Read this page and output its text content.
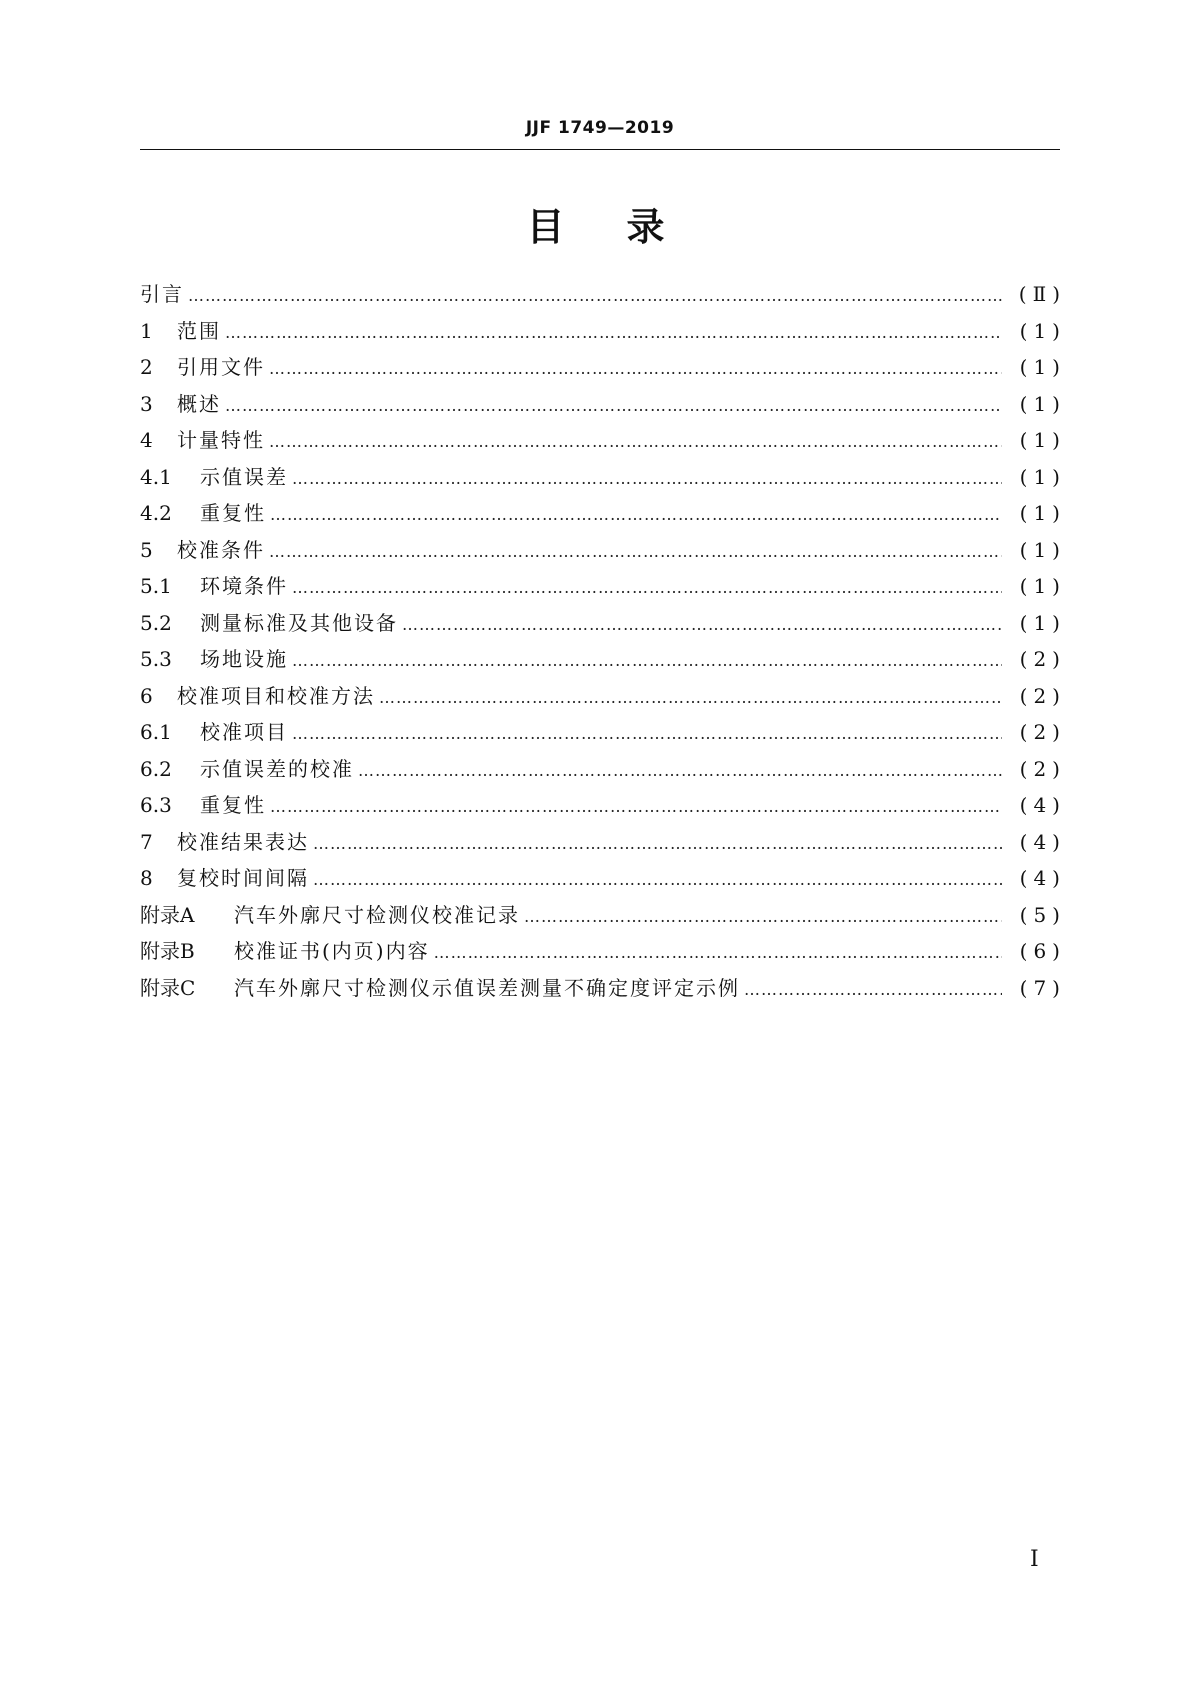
JJF 1749—2019
目录
引言 ………………………………………………………………………………………………………………………………………………………………………………………………	(Ⅱ)
1	范围 ………………………………………………………………………………………………………………………………………………………………………………………………	(1)
2	引用文件 ………………………………………………………………………………………………………………………………………………………………………………………………	(1)
3	概述 ………………………………………………………………………………………………………………………………………………………………………………………………	(1)
4	计量特性 ………………………………………………………………………………………………………………………………………………………………………………………………	(1)
4.1	示值误差 ………………………………………………………………………………………………………………………………………………………………………………………………	(1)
4.2	重复性 ………………………………………………………………………………………………………………………………………………………………………………………………	(1)
5	校准条件 ………………………………………………………………………………………………………………………………………………………………………………………………	(1)
5.1	环境条件 ………………………………………………………………………………………………………………………………………………………………………………………………	(1)
5.2	测量标准及其他设备 ………………………………………………………………………………………………………………………………………………………………………………………………	(1)
5.3	场地设施 ………………………………………………………………………………………………………………………………………………………………………………………………	(2)
6	校准项目和校准方法 ………………………………………………………………………………………………………………………………………………………………………………………………	(2)
6.1	校准项目 ………………………………………………………………………………………………………………………………………………………………………………………………	(2)
6.2	示值误差的校准 ………………………………………………………………………………………………………………………………………………………………………………………………	(2)
6.3	重复性 ………………………………………………………………………………………………………………………………………………………………………………………………	(4)
7	校准结果表达 ………………………………………………………………………………………………………………………………………………………………………………………………	(4)
8	复校时间间隔 ………………………………………………………………………………………………………………………………………………………………………………………………	(4)
附录A	汽车外廓尺寸检测仪校准记录 ………………………………………………………………………………………………………………………………………………………………………………………………	(5)
附录B	校准证书(内页)内容 ………………………………………………………………………………………………………………………………………………………………………………………………	(6)
附录C	汽车外廓尺寸检测仪示值误差测量不确定度评定示例 ………………………………………………………………………………………………………………………………………………………………………………………………	(7)
Ⅰ
